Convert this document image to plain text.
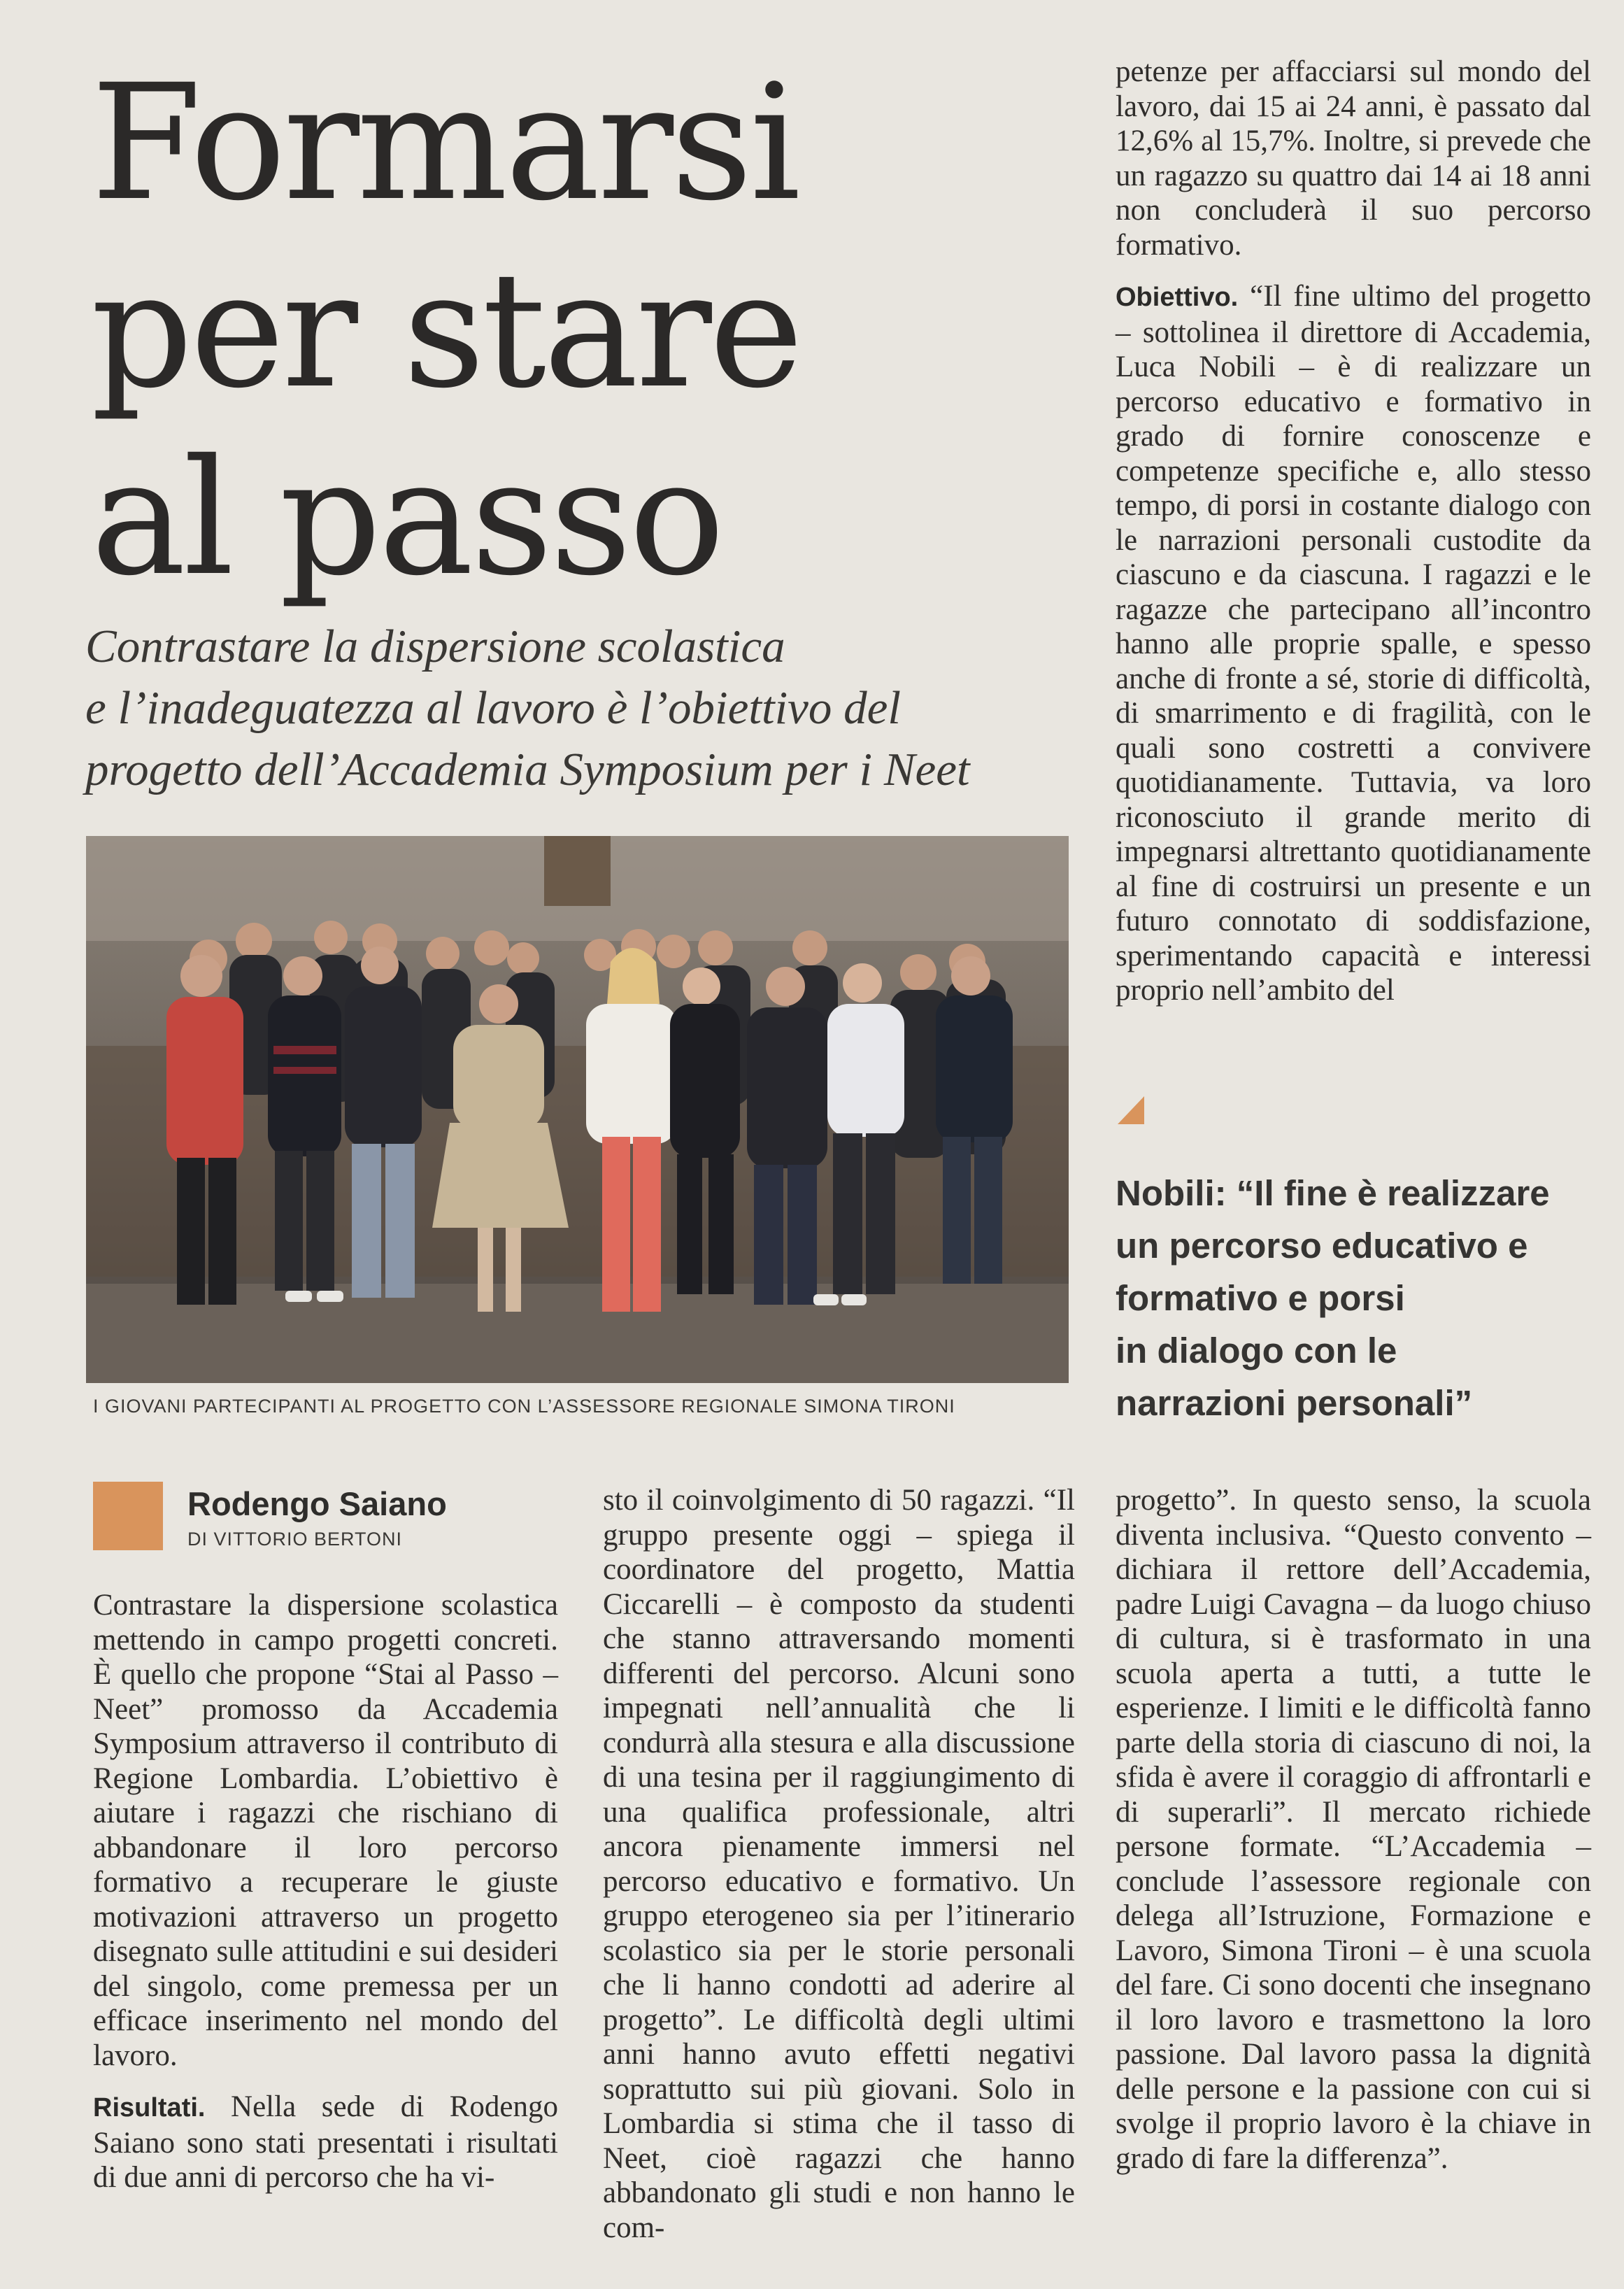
Formarsi
per stare
al passo
Contrastare la dispersione scolastica
e l’inadeguatezza al lavoro è l’obiettivo del
progetto dell’Accademia Symposium per i Neet
I GIOVANI PARTECIPANTI AL PROGETTO CON L’ASSESSORE REGIONALE SIMONA TIRONI

petenze per affacciarsi sul mondo del lavoro, dai 15 ai 24 anni, è passato dal 12,6% al 15,7%. Inoltre, si prevede che un ragazzo su quattro dai 14 ai 18 anni non concluderà il suo percorso formativo.

Obiettivo. “Il fine ultimo del progetto – sottolinea il direttore di Accademia, Luca Nobili – è di realizzare un percorso educativo e formativo in grado di fornire conoscenze e competenze specifiche e, allo stesso tempo, di porsi in costante dialogo con le narrazioni personali custodite da ciascuno e da ciascuna. I ragazzi e le ragazze che partecipano all’incontro hanno alle proprie spalle, e spesso anche di fronte a sé, storie di difficoltà, di smarrimento e di fragilità, con le quali sono costretti a convivere quotidianamente. Tuttavia, va loro riconosciuto il grande merito di impegnarsi altrettanto quotidianamente al fine di costruirsi un presente e un futuro connotato di soddisfazione, sperimentando capacità e interessi proprio nell’ambito del

Nobili: “Il fine è realizzare
un percorso educativo e
formativo e porsi
in dialogo con le
narrazioni personali”
Rodengo Saiano
DI VITTORIO BERTONI

Contrastare la dispersione scolastica mettendo in campo progetti concreti. È quello che propone “Stai al Passo – Neet” promosso da Accademia Symposium attraverso il contributo di Regione Lombardia. L’obiettivo è aiutare i ragazzi che rischiano di abbandonare il loro percorso formativo a recuperare le giuste motivazioni attraverso un progetto disegnato sulle attitudini e sui desideri del singolo, come premessa per un efficace inserimento nel mondo del lavoro.

Risultati. Nella sede di Rodengo Saiano sono stati presentati i risultati di due anni di percorso che ha vi-

sto il coinvolgimento di 50 ragazzi. “Il gruppo presente oggi – spiega il coordinatore del progetto, Mattia Ciccarelli – è composto da studenti che stanno attraversando momenti differenti del percorso. Alcuni sono impegnati nell’annualità che li condurrà alla stesura e alla discussione di una tesina per il raggiungimento di una qualifica professionale, altri ancora pienamente immersi nel percorso educativo e formativo. Un gruppo eterogeneo sia per l’itinerario scolastico sia per le storie personali che li hanno condotti ad aderire al progetto”. Le difficoltà degli ultimi anni hanno avuto effetti negativi soprattutto sui più giovani. Solo in Lombardia si stima che il tasso di Neet, cioè ragazzi che hanno abbandonato gli studi e non hanno le com-

progetto”. In questo senso, la scuola diventa inclusiva. “Questo convento – dichiara il rettore dell’Accademia, padre Luigi Cavagna – da luogo chiuso di cultura, si è trasformato in una scuola aperta a tutti, a tutte le esperienze. I limiti e le difficoltà fanno parte della storia di ciascuno di noi, la sfida è avere il coraggio di affrontarli e di superarli”. Il mercato richiede persone formate. “L’Accademia – conclude l’assessore regionale con delega all’Istruzione, Formazione e Lavoro, Simona Tironi – è una scuola del fare. Ci sono docenti che insegnano il loro lavoro e trasmettono la loro passione. Dal lavoro passa la dignità delle persone e la passione con cui si svolge il proprio lavoro è la chiave in grado di fare la differenza”.
